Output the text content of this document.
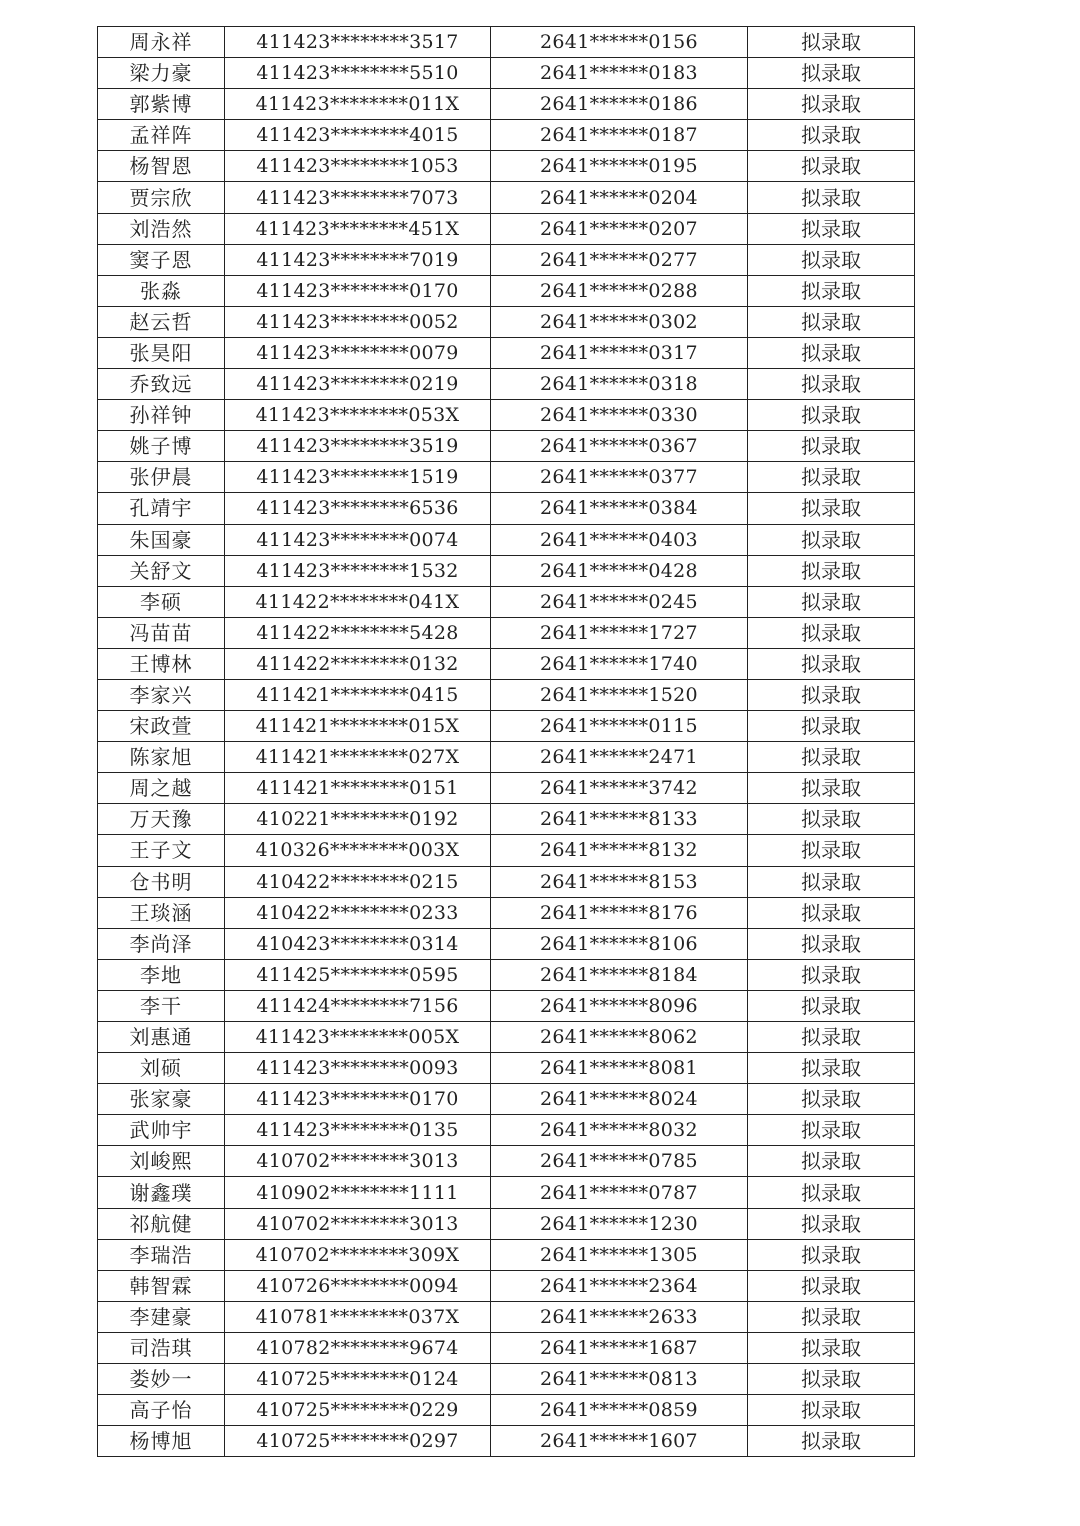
周永祥	411423********3517	2641******0156	拟录取
梁力豪	411423********5510	2641******0183	拟录取
郭紫博	411423********011X	2641******0186	拟录取
孟祥阵	411423********4015	2641******0187	拟录取
杨智恩	411423********1053	2641******0195	拟录取
贾宗欣	411423********7073	2641******0204	拟录取
刘浩然	411423********451X	2641******0207	拟录取
窦子恩	411423********7019	2641******0277	拟录取
张淼	411423********0170	2641******0288	拟录取
赵云哲	411423********0052	2641******0302	拟录取
张昊阳	411423********0079	2641******0317	拟录取
乔致远	411423********0219	2641******0318	拟录取
孙祥钟	411423********053X	2641******0330	拟录取
姚子博	411423********3519	2641******0367	拟录取
张伊晨	411423********1519	2641******0377	拟录取
孔靖宇	411423********6536	2641******0384	拟录取
朱国豪	411423********0074	2641******0403	拟录取
关舒文	411423********1532	2641******0428	拟录取
李硕	411422********041X	2641******0245	拟录取
冯苗苗	411422********5428	2641******1727	拟录取
王博林	411422********0132	2641******1740	拟录取
李家兴	411421********0415	2641******1520	拟录取
宋政萱	411421********015X	2641******0115	拟录取
陈家旭	411421********027X	2641******2471	拟录取
周之越	411421********0151	2641******3742	拟录取
万天豫	410221********0192	2641******8133	拟录取
王子文	410326********003X	2641******8132	拟录取
仓书明	410422********0215	2641******8153	拟录取
王琰涵	410422********0233	2641******8176	拟录取
李尚泽	410423********0314	2641******8106	拟录取
李地	411425********0595	2641******8184	拟录取
李干	411424********7156	2641******8096	拟录取
刘惠通	411423********005X	2641******8062	拟录取
刘硕	411423********0093	2641******8081	拟录取
张家豪	411423********0170	2641******8024	拟录取
武帅宇	411423********0135	2641******8032	拟录取
刘峻熙	410702********3013	2641******0785	拟录取
谢鑫璞	410902********1111	2641******0787	拟录取
祁航健	410702********3013	2641******1230	拟录取
李瑞浩	410702********309X	2641******1305	拟录取
韩智霖	410726********0094	2641******2364	拟录取
李建豪	410781********037X	2641******2633	拟录取
司浩琪	410782********9674	2641******1687	拟录取
娄妙一	410725********0124	2641******0813	拟录取
高子怡	410725********0229	2641******0859	拟录取
杨博旭	410725********0297	2641******1607	拟录取
